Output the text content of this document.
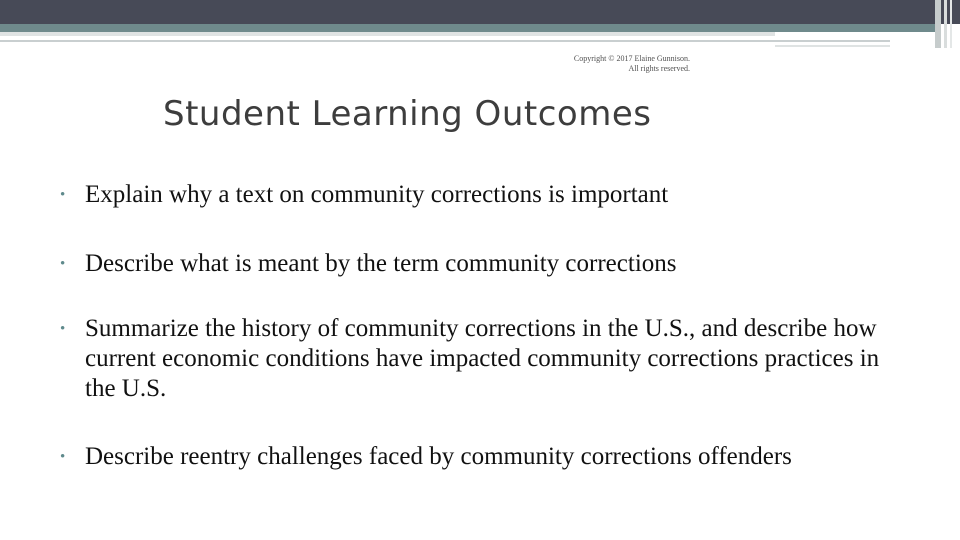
Copyright © 2017 Elaine Gunnison.
All rights reserved.
Student Learning Outcomes
• Explain why a text on community corrections is important
• Describe what is meant by the term community corrections
• Summarize the history of community corrections in the U.S., and describe how current economic conditions have impacted community corrections practices in the U.S.
• Describe reentry challenges faced by community corrections offenders
